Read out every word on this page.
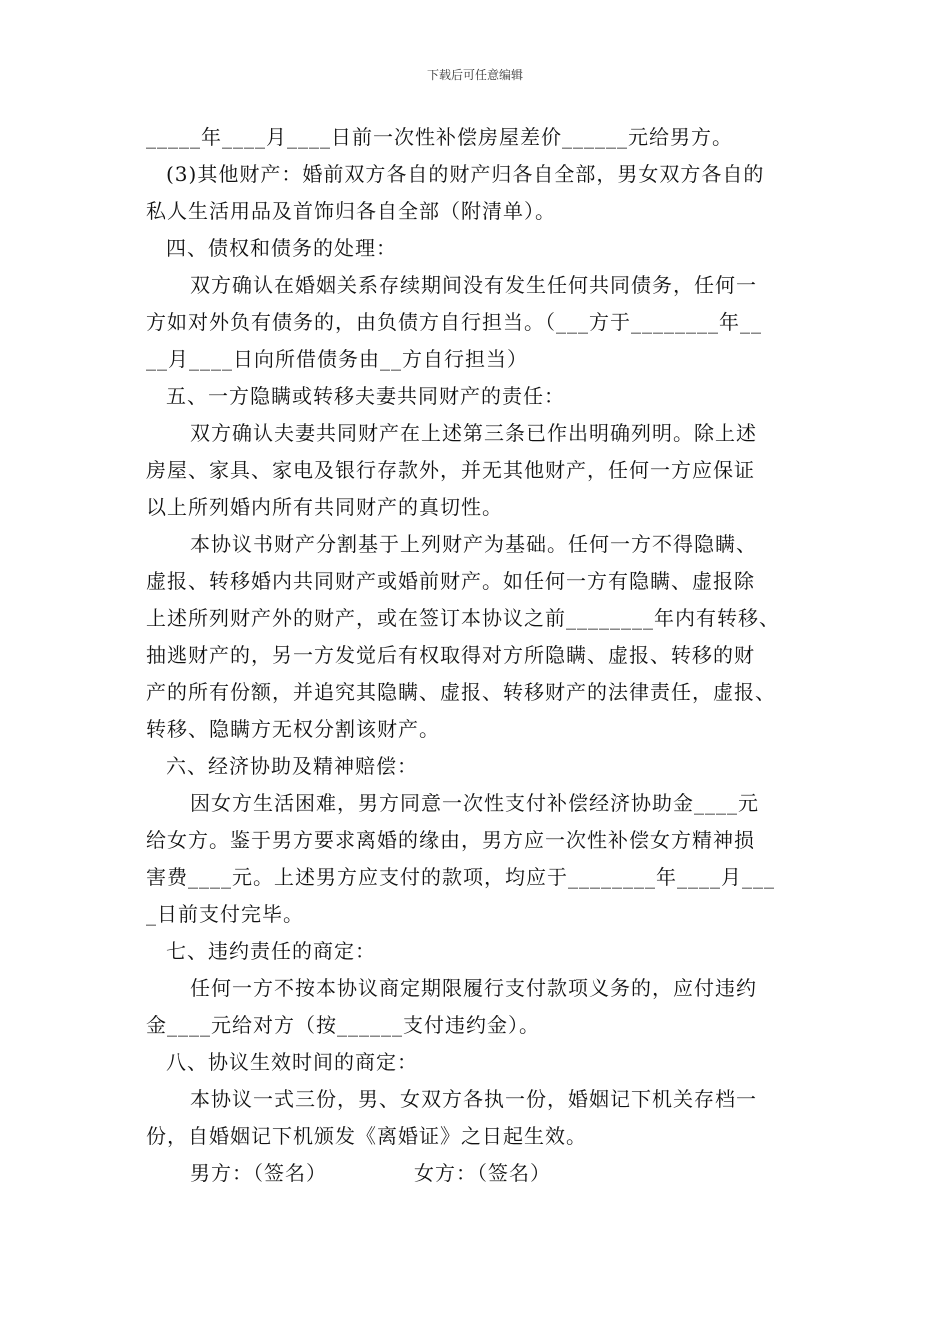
下载后可任意编辑
_____年____月____日前一次性补偿房屋差价______元给男方。
(3)其他财产：婚前双方各自的财产归各自全部，男女双方各自的
私人生活用品及首饰归各自全部（附清单）。
四、债权和债务的处理：
双方确认在婚姻关系存续期间没有发生任何共同债务，任何一
方如对外负有债务的，由负债方自行担当。（___方于________年__
__月____日向所借债务由__方自行担当）
五、一方隐瞒或转移夫妻共同财产的责任：
双方确认夫妻共同财产在上述第三条已作出明确列明。除上述
房屋、家具、家电及银行存款外，并无其他财产，任何一方应保证
以上所列婚内所有共同财产的真切性。
本协议书财产分割基于上列财产为基础。任何一方不得隐瞒、
虚报、转移婚内共同财产或婚前财产。如任何一方有隐瞒、虚报除
上述所列财产外的财产，或在签订本协议之前________年内有转移、
抽逃财产的，另一方发觉后有权取得对方所隐瞒、虚报、转移的财
产的所有份额，并追究其隐瞒、虚报、转移财产的法律责任，虚报、
转移、隐瞒方无权分割该财产。
六、经济协助及精神赔偿：
因女方生活困难，男方同意一次性支付补偿经济协助金____元
给女方。鉴于男方要求离婚的缘由，男方应一次性补偿女方精神损
害费____元。上述男方应支付的款项，均应于________年____月___
_日前支付完毕。
七、违约责任的商定：
任何一方不按本协议商定期限履行支付款项义务的，应付违约
金____元给对方（按______支付违约金）。
八、协议生效时间的商定：
本协议一式三份，男、女双方各执一份，婚姻记下机关存档一
份，自婚姻记下机颁发《离婚证》之日起生效。
男方：（签名）	女方：（签名）
